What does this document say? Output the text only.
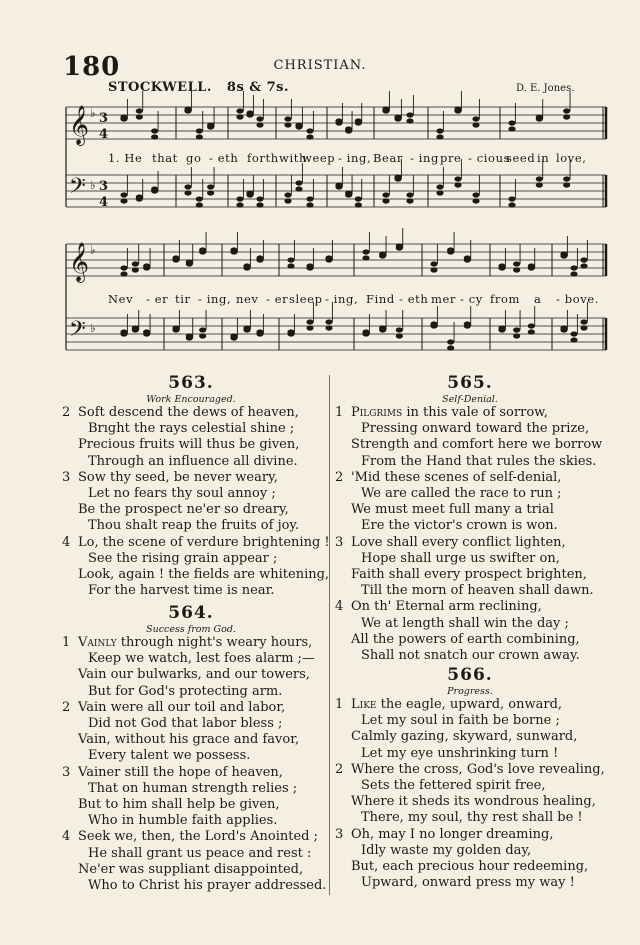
180	CHRISTIAN.
STOCKWELL. 8s & 7s.	D. E. Jones.
𝄞
𝄢
♭
♭
3
4
3
4
𝄞
𝄢
♭
♭
1. He that go - eth forth with
weep - ing, Bear - ing pre - cious
seed in love,
Nev - er tir - ing, nev - er sleep - ing, Find - eth mer - cy from a - bove.
563.
Work Encouraged.
2 Soft descend the dews of heaven,
Brıght the rays celestial shine ;
Precious fruits will thus be given,
Through an influence all divine.
3 Sow thy seed, be never weary,
Let no fears thy soul annoy ;
Be the prospect ne'er so dreary,
Thou shalt reap the fruits of joy.
4 Lo, the scene of verdure brightening !
See the rising grain appear ;
Look, again ! the fields are whitening,
For the harvest time is near.
564.
Success from God.
1 Vainly through night's weary hours,
Keep we watch, lest foes alarm ;—
Vain our bulwarks, and our towers,
But for God's protecting arm.
2 Vain were all our toil and labor,
Did not God that labor bless ;
Vain, without his grace and favor,
Every talent we possess.
3 Vainer still the hope of heaven,
That on human strength relies ;
But to him shall help be given,
Who in humble faith applies.
4 Seek we, then, the Lord's Anointed ;
He shall grant us peace and rest :
Ne'er was suppliant disappointed,
Who to Christ his prayer addressed.
565.
Self-Denial.
1 Pilgrims in this vale of sorrow,
Pressing onward toward the prize,
Strength and comfort here we borrow
From the Hand that rules the skies.
2 'Mid these scenes of self-denial,
We are called the race to run ;
We must meet full many a trial
Ere the victor's crown is won.
3 Love shall every conflict lighten,
Hope shall urge us swifter on,
Faith shall every prospect brighten,
Till the morn of heaven shall dawn.
4 On th' Eternal arm reclining,
We at length shall win the day ;
All the powers of earth combining,
Shall not snatch our crown away.
566.
Progress.
1 Like the eagle, upward, onward,
Let my soul in faith be borne ;
Calmly gazing, skyward, sunward,
Let my eye unshrinking turn !
2 Where the cross, God's love revealing,
Sets the fettered spirit free,
Where it sheds its wondrous healing,
There, my soul, thy rest shall be !
3 Oh, may I no longer dreaming,
Idly waste my golden day,
But, each precious hour redeeming,
Upward, onward press my way !
